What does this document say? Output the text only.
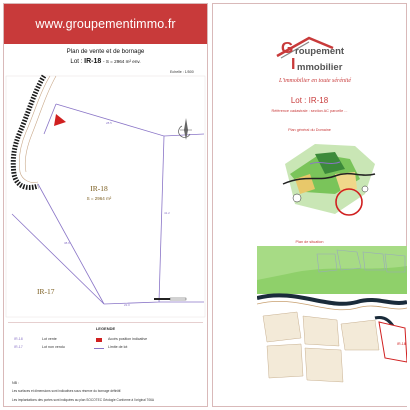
www.groupementimmo.fr
Plan de vente et de bornage
Lot : IR-18 - S = 2964 m² env.
Echelle : 1/500
28.5
41.2
22.0
38.6
IR-18
S = 2964 m²
IR-17
LEGENDE
IR-18	Lot vente
IR-17	Lot non vendu
Accès position indicative
Limite de lot
NB :
Les surfaces et dimensions sont indicatives sous réserve du bornage définitif.
Les implantations des portes sont indiquées au plan SOCOTEC Géologie Conforme à l'original 706A
G roupement
I mmobilier
L'immobilier en toute sérénité
Lot : IR-18
Référence cadastrale : section AC parcelle ...
Plan général du Domaine
Plan de situation
IR-18
